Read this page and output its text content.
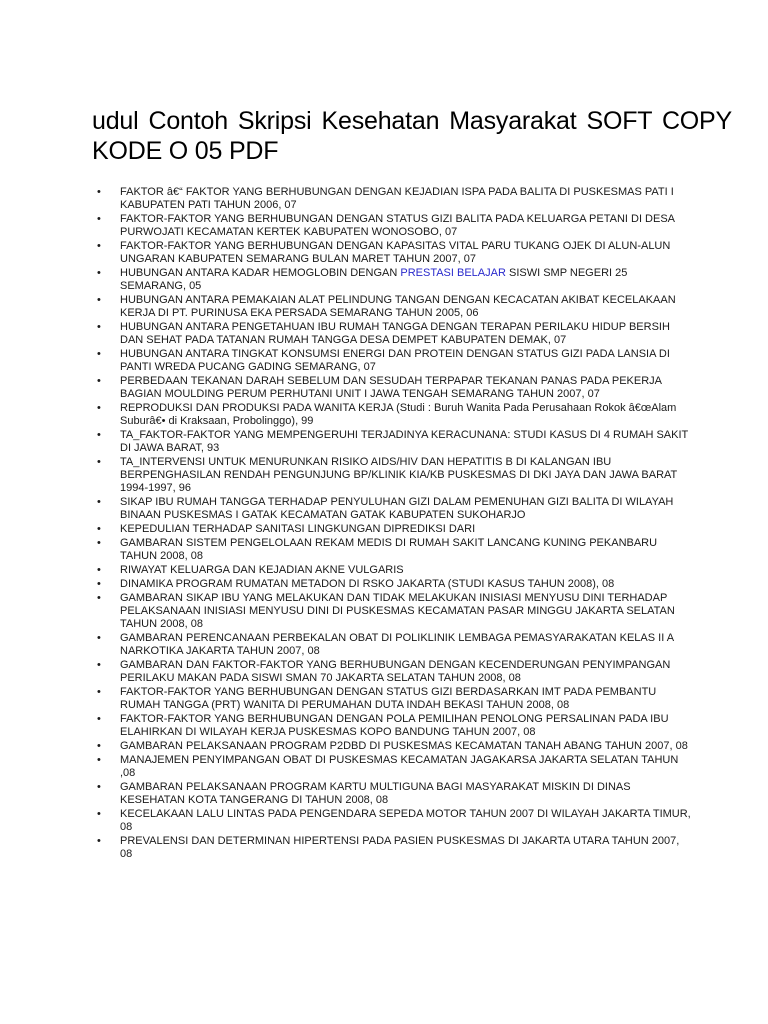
udul Contoh Skripsi Kesehatan Masyarakat SOFT COPY KODE O 05 PDF
• FAKTOR â€“ FAKTOR YANG BERHUBUNGAN DENGAN KEJADIAN ISPA PADA BALITA DI PUSKESMAS PATI I KABUPATEN PATI TAHUN 2006, 07
• FAKTOR-FAKTOR YANG BERHUBUNGAN DENGAN STATUS GIZI BALITA PADA KELUARGA PETANI DI DESA PURWOJATI KECAMATAN KERTEK KABUPATEN WONOSOBO, 07
• FAKTOR-FAKTOR YANG BERHUBUNGAN DENGAN KAPASITAS VITAL PARU TUKANG OJEK DI ALUN-ALUN UNGARAN KABUPATEN SEMARANG BULAN MARET TAHUN 2007, 07
• HUBUNGAN ANTARA KADAR HEMOGLOBIN DENGAN PRESTASI BELAJAR SISWI SMP NEGERI 25 SEMARANG, 05
• HUBUNGAN ANTARA PEMAKAIAN ALAT PELINDUNG TANGAN DENGAN KECACATAN AKIBAT KECELAKAAN KERJA DI PT. PURINUSA EKA PERSADA SEMARANG TAHUN 2005, 06
• HUBUNGAN ANTARA PENGETAHUAN IBU RUMAH TANGGA DENGAN TERAPAN PERILAKU HIDUP BERSIH DAN SEHAT PADA TATANAN RUMAH TANGGA DESA DEMPET KABUPATEN DEMAK, 07
• HUBUNGAN ANTARA TINGKAT KONSUMSI ENERGI DAN PROTEIN DENGAN STATUS GIZI PADA LANSIA DI PANTI WREDA PUCANG GADING SEMARANG, 07
• PERBEDAAN TEKANAN DARAH SEBELUM DAN SESUDAH TERPAPAR TEKANAN PANAS PADA PEKERJA BAGIAN MOULDING PERUM PERHUTANI UNIT I JAWA TENGAH SEMARANG TAHUN 2007, 07
• REPRODUKSI DAN PRODUKSI PADA WANITA KERJA (Studi : Buruh Wanita Pada Perusahaan Rokok â€œAlam Suburâ€• di Kraksaan, Probolinggo), 99
• TA_FAKTOR-FAKTOR YANG MEMPENGERUHI TERJADINYA KERACUNANA: STUDI KASUS DI 4 RUMAH SAKIT DI JAWA BARAT, 93
• TA_INTERVENSI UNTUK MENURUNKAN RISIKO AIDS/HIV DAN HEPATITIS B DI KALANGAN IBU BERPENGHASILAN RENDAH PENGUNJUNG BP/KLINIK KIA/KB PUSKESMAS DI DKI JAYA DAN JAWA BARAT 1994-1997, 96
• SIKAP IBU RUMAH TANGGA TERHADAP PENYULUHAN GIZI DALAM PEMENUHAN GIZI BALITA DI WILAYAH BINAAN PUSKESMAS I GATAK KECAMATAN GATAK KABUPATEN SUKOHARJO
• KEPEDULIAN TERHADAP SANITASI LINGKUNGAN DIPREDIKSI DARI
• GAMBARAN SISTEM PENGELOLAAN REKAM MEDIS DI RUMAH SAKIT LANCANG KUNING PEKANBARU TAHUN 2008, 08
• RIWAYAT KELUARGA DAN KEJADIAN AKNE VULGARIS
• DINAMIKA PROGRAM RUMATAN METADON DI RSKO JAKARTA (STUDI KASUS TAHUN 2008), 08
• GAMBARAN SIKAP IBU YANG MELAKUKAN DAN TIDAK MELAKUKAN INISIASI MENYUSU DINI TERHADAP PELAKSANAAN INISIASI MENYUSU DINI DI PUSKESMAS KECAMATAN PASAR MINGGU JAKARTA SELATAN TAHUN 2008, 08
• GAMBARAN PERENCANAAN PERBEKALAN OBAT DI POLIKLINIK LEMBAGA PEMASYARAKATAN KELAS II A NARKOTIKA JAKARTA TAHUN 2007, 08
• GAMBARAN DAN FAKTOR-FAKTOR YANG BERHUBUNGAN DENGAN KECENDERUNGAN PENYIMPANGAN PERILAKU MAKAN PADA SISWI SMAN 70 JAKARTA SELATAN TAHUN 2008, 08
• FAKTOR-FAKTOR YANG BERHUBUNGAN DENGAN STATUS GIZI BERDASARKAN IMT PADA PEMBANTU RUMAH TANGGA (PRT) WANITA DI PERUMAHAN DUTA INDAH BEKASI TAHUN 2008, 08
• FAKTOR-FAKTOR YANG BERHUBUNGAN DENGAN POLA PEMILIHAN PENOLONG PERSALINAN PADA IBU ELAHIRKAN DI WILAYAH KERJA PUSKESMAS KOPO BANDUNG TAHUN 2007, 08
• GAMBARAN PELAKSANAAN PROGRAM P2DBD DI PUSKESMAS KECAMATAN TANAH ABANG TAHUN 2007, 08
• MANAJEMEN PENYIMPANGAN OBAT DI PUSKESMAS KECAMATAN JAGAKARSA JAKARTA SELATAN TAHUN ,08
• GAMBARAN PELAKSANAAN PROGRAM KARTU MULTIGUNA BAGI MASYARAKAT MISKIN DI DINAS KESEHATAN KOTA TANGERANG DI TAHUN 2008, 08
• KECELAKAAN LALU LINTAS PADA PENGENDARA SEPEDA MOTOR TAHUN 2007 DI WILAYAH JAKARTA TIMUR, 08
• PREVALENSI DAN DETERMINAN HIPERTENSI PADA PASIEN PUSKESMAS DI JAKARTA UTARA TAHUN 2007, 08
